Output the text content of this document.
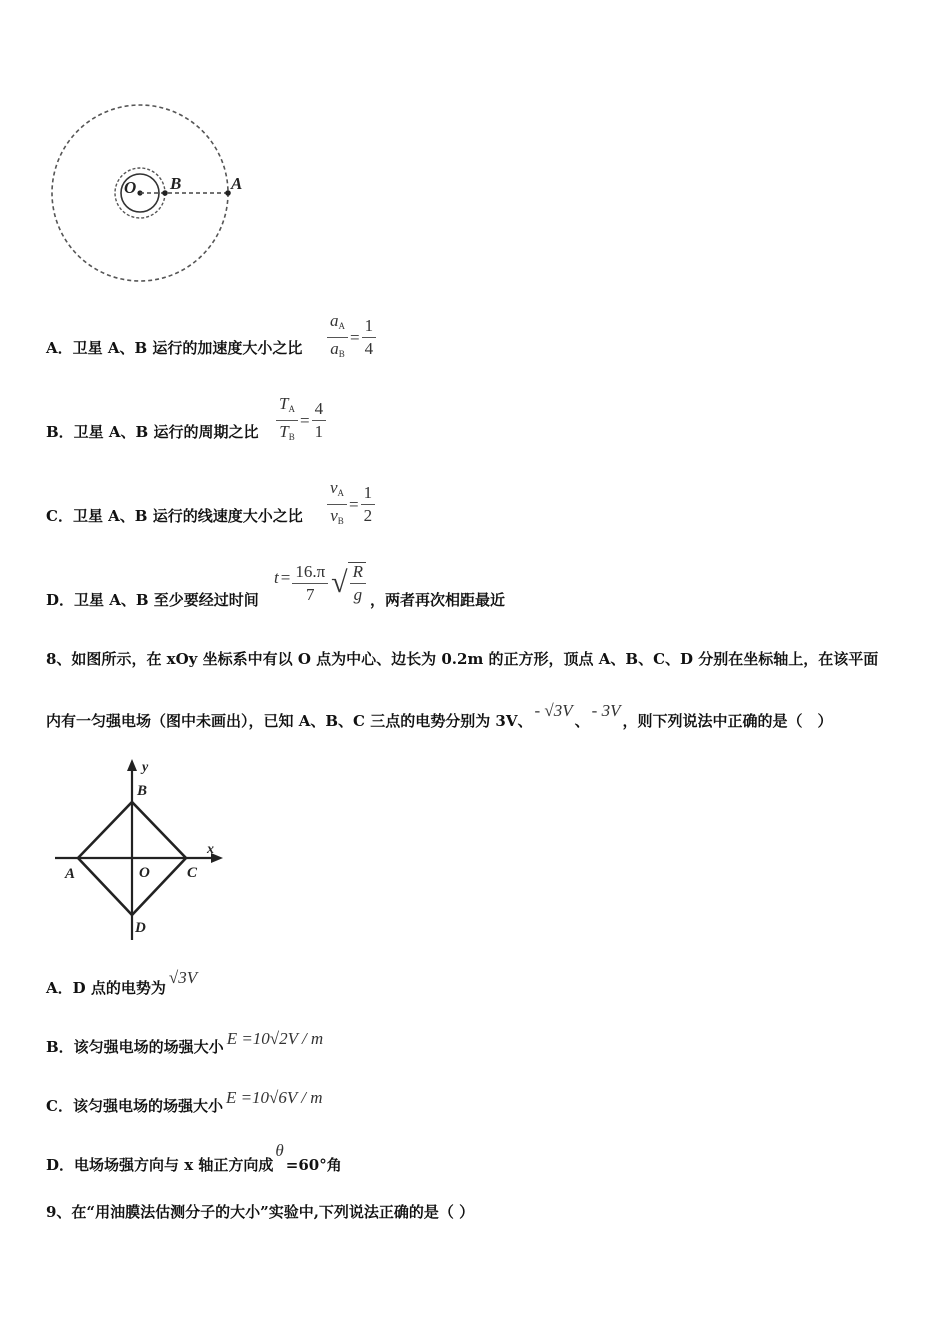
O B	A
A．卫星 A、B 运行的加速度大小之比 $\frac{a_A}{a_B} = \frac{1}{4}$
B．卫星 A、B 运行的周期之比 $\frac{T_A}{T_B} = \frac{4}{1}$
C．卫星 A、B 运行的线速度大小之比 $\frac{v_A}{v_B} = \frac{1}{2}$
D．卫星 A、B 至少要经过时间
$t = \frac{16.\pi}{7}$ √ $\frac{R}{g}$ ，两者再次相距最近
8、如图所示，在 xOy 坐标系中有以 O 点为中心、边长为 0.2m 的正方形，顶点 A、B、C、D 分别在坐标轴上，在该平面
内有一匀强电场（图中未画出），已知 A、B、C 三点的电势分别为 3V、- √3V、- 3V，则下列说法中正确的是（　）
y
x
B
A	O C
D
A．D 点的电势为√3V
B．该匀强电场的场强大小 E =10√2V / m
C．该匀强电场的场强大小 E =10√6V / m
D．电场场强方向与 x 轴正方向成θ=60°角
9、在“用油膜法估测分子的大小”实验中,下列说法正确的是（ ）
